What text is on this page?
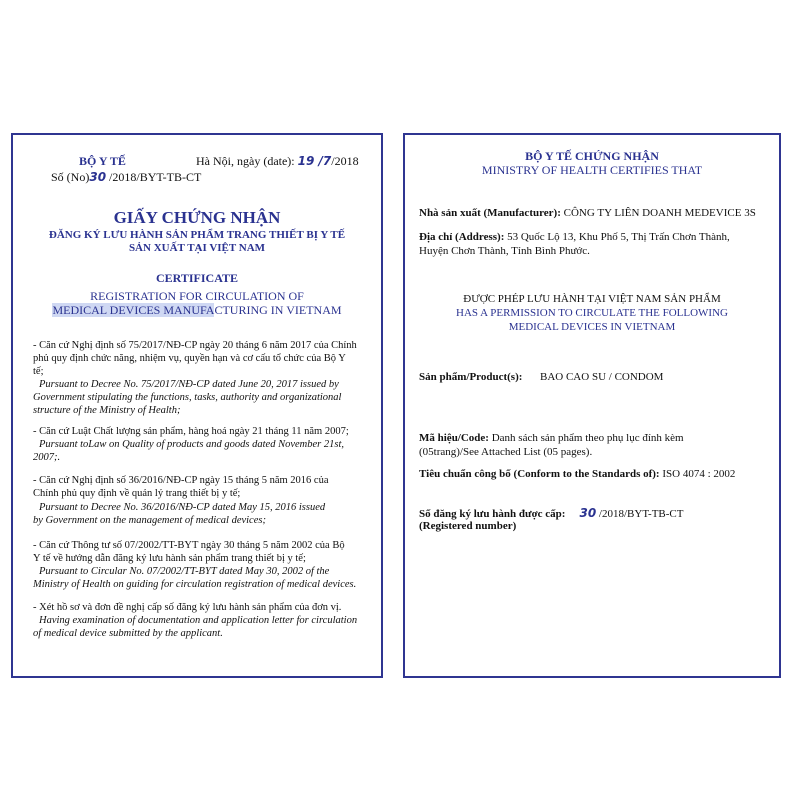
BỘ Y TẾ	Hà Nội, ngày (date): 19 /7/2018
Số (No)30 /2018/BYT-TB-CT
GIẤY CHỨNG NHẬN
ĐĂNG KÝ LƯU HÀNH SẢN PHẨM TRANG THIẾT BỊ Y TẾ
SẢN XUẤT TẠI VIỆT NAM
CERTIFICATE
REGISTRATION FOR CIRCULATION OF
MEDICAL DEVICES MANUFACTURING IN VIETNAM
- Căn cứ Nghị định số 75/2017/NĐ-CP ngày 20 tháng 6 năm 2017 của Chính
phủ quy định chức năng, nhiệm vụ, quyền hạn và cơ cấu tổ chức của Bộ Y
tế;
Pursuant to Decree No. 75/2017/NĐ-CP dated June 20, 2017 issued by
Government stipulating the functions, tasks, authority and organizational
structure of the Ministry of Health;
- Căn cứ Luật Chất lượng sản phẩm, hàng hoá ngày 21 tháng 11 năm 2007;
Pursuant toLaw on Quality of products and goods dated November 21st,
2007;.
- Căn cứ Nghị định số 36/2016/NĐ-CP ngày 15 tháng 5 năm 2016 của
Chính phủ quy định về quản lý trang thiết bị y tế;
Pursuant to Decree No. 36/2016/NĐ-CP dated May 15, 2016 issued
by Government on the management of medical devices;
- Căn cứ Thông tư số 07/2002/TT-BYT ngày 30 tháng 5 năm 2002 của Bộ
Y tế về hướng dẫn đăng ký lưu hành sản phẩm trang thiết bị y tế;
Pursuant to Circular No. 07/2002/TT-BYT dated May 30, 2002 of the
Ministry of Health on guiding for circulation registration of medical devices.
- Xét hồ sơ và đơn đề nghị cấp số đăng ký lưu hành sản phẩm của đơn vị.
Having examination of documentation and application letter for circulation
of medical device submitted by the applicant.
BỘ Y TẾ CHỨNG NHẬN
MINISTRY OF HEALTH CERTIFIES THAT
Nhà sản xuất (Manufacturer): CÔNG TY LIÊN DOANH MEDEVICE 3S
Địa chỉ (Address): 53 Quốc Lộ 13, Khu Phố 5, Thị Trấn Chơn Thành,
Huyện Chơn Thành, Tỉnh Bình Phước.
ĐƯỢC PHÉP LƯU HÀNH TẠI VIỆT NAM SẢN PHẨM
HAS A PERMISSION TO CIRCULATE THE FOLLOWING
MEDICAL DEVICES IN VIETNAM
Sản phẩm/Product(s): BAO CAO SU / CONDOM
Mã hiệu/Code: Danh sách sản phẩm theo phụ lục đính kèm
(05trang)/See Attached List (05 pages).
Tiêu chuẩn công bố (Conform to the Standards of): ISO 4074 : 2002
Số đăng ký lưu hành được cấp: 30 /2018/BYT-TB-CT
(Registered number)
